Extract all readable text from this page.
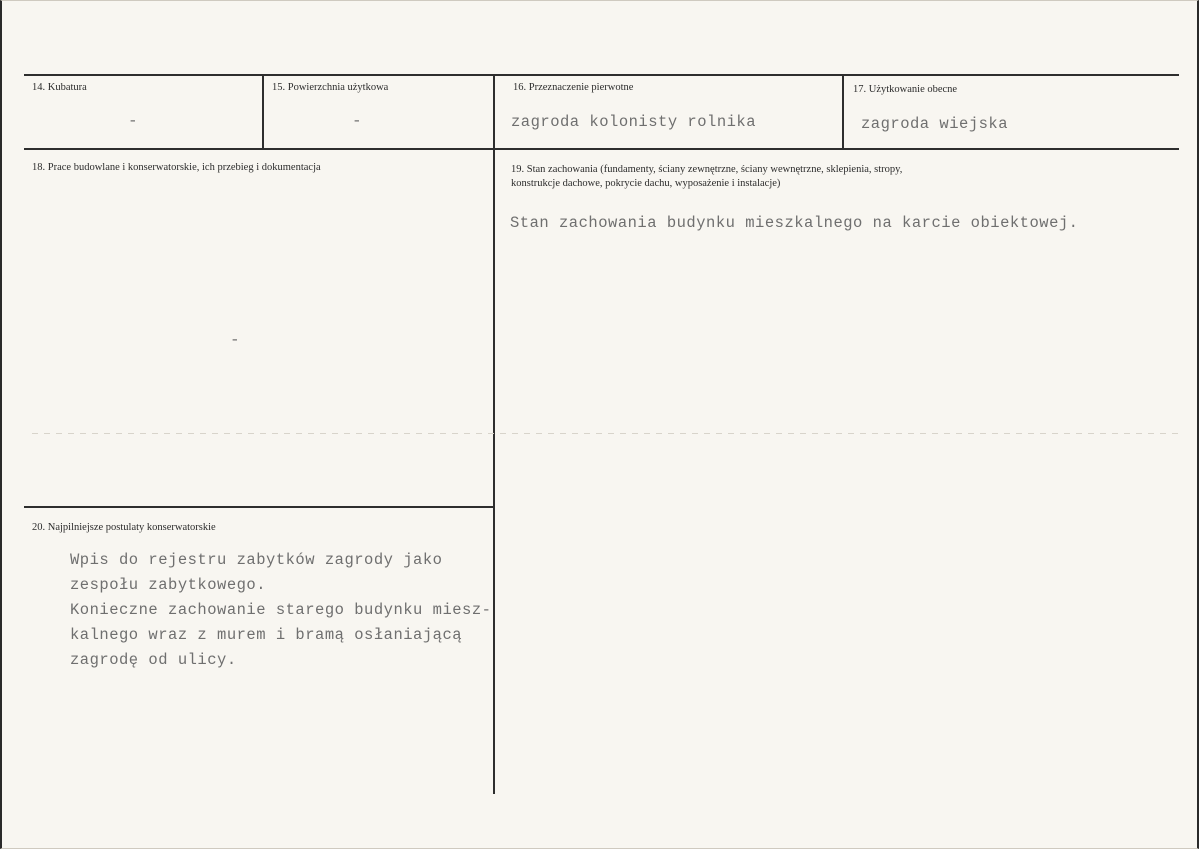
14. Kubatura
-
15. Powierzchnia użytkowa
-
16. Przeznaczenie pierwotne
zagroda kolonisty rolnika
17. Użytkowanie obecne
zagroda wiejska
18. Prace budowlane i konserwatorskie, ich przebieg i dokumentacja
-
19. Stan zachowania (fundamenty, ściany zewnętrzne, ściany wewnętrzne, sklepienia, stropy,
konstrukcje dachowe, pokrycie dachu, wyposażenie i instalacje)
Stan zachowania budynku mieszkalnego na karcie obiektowej.
20. Najpilniejsze postulaty konserwatorskie
Wpis do rejestru zabytków zagrody jako
zespołu zabytkowego.
Konieczne zachowanie starego budynku miesz-
kalnego wraz z murem i bramą osłaniającą
zagrodę od ulicy.
